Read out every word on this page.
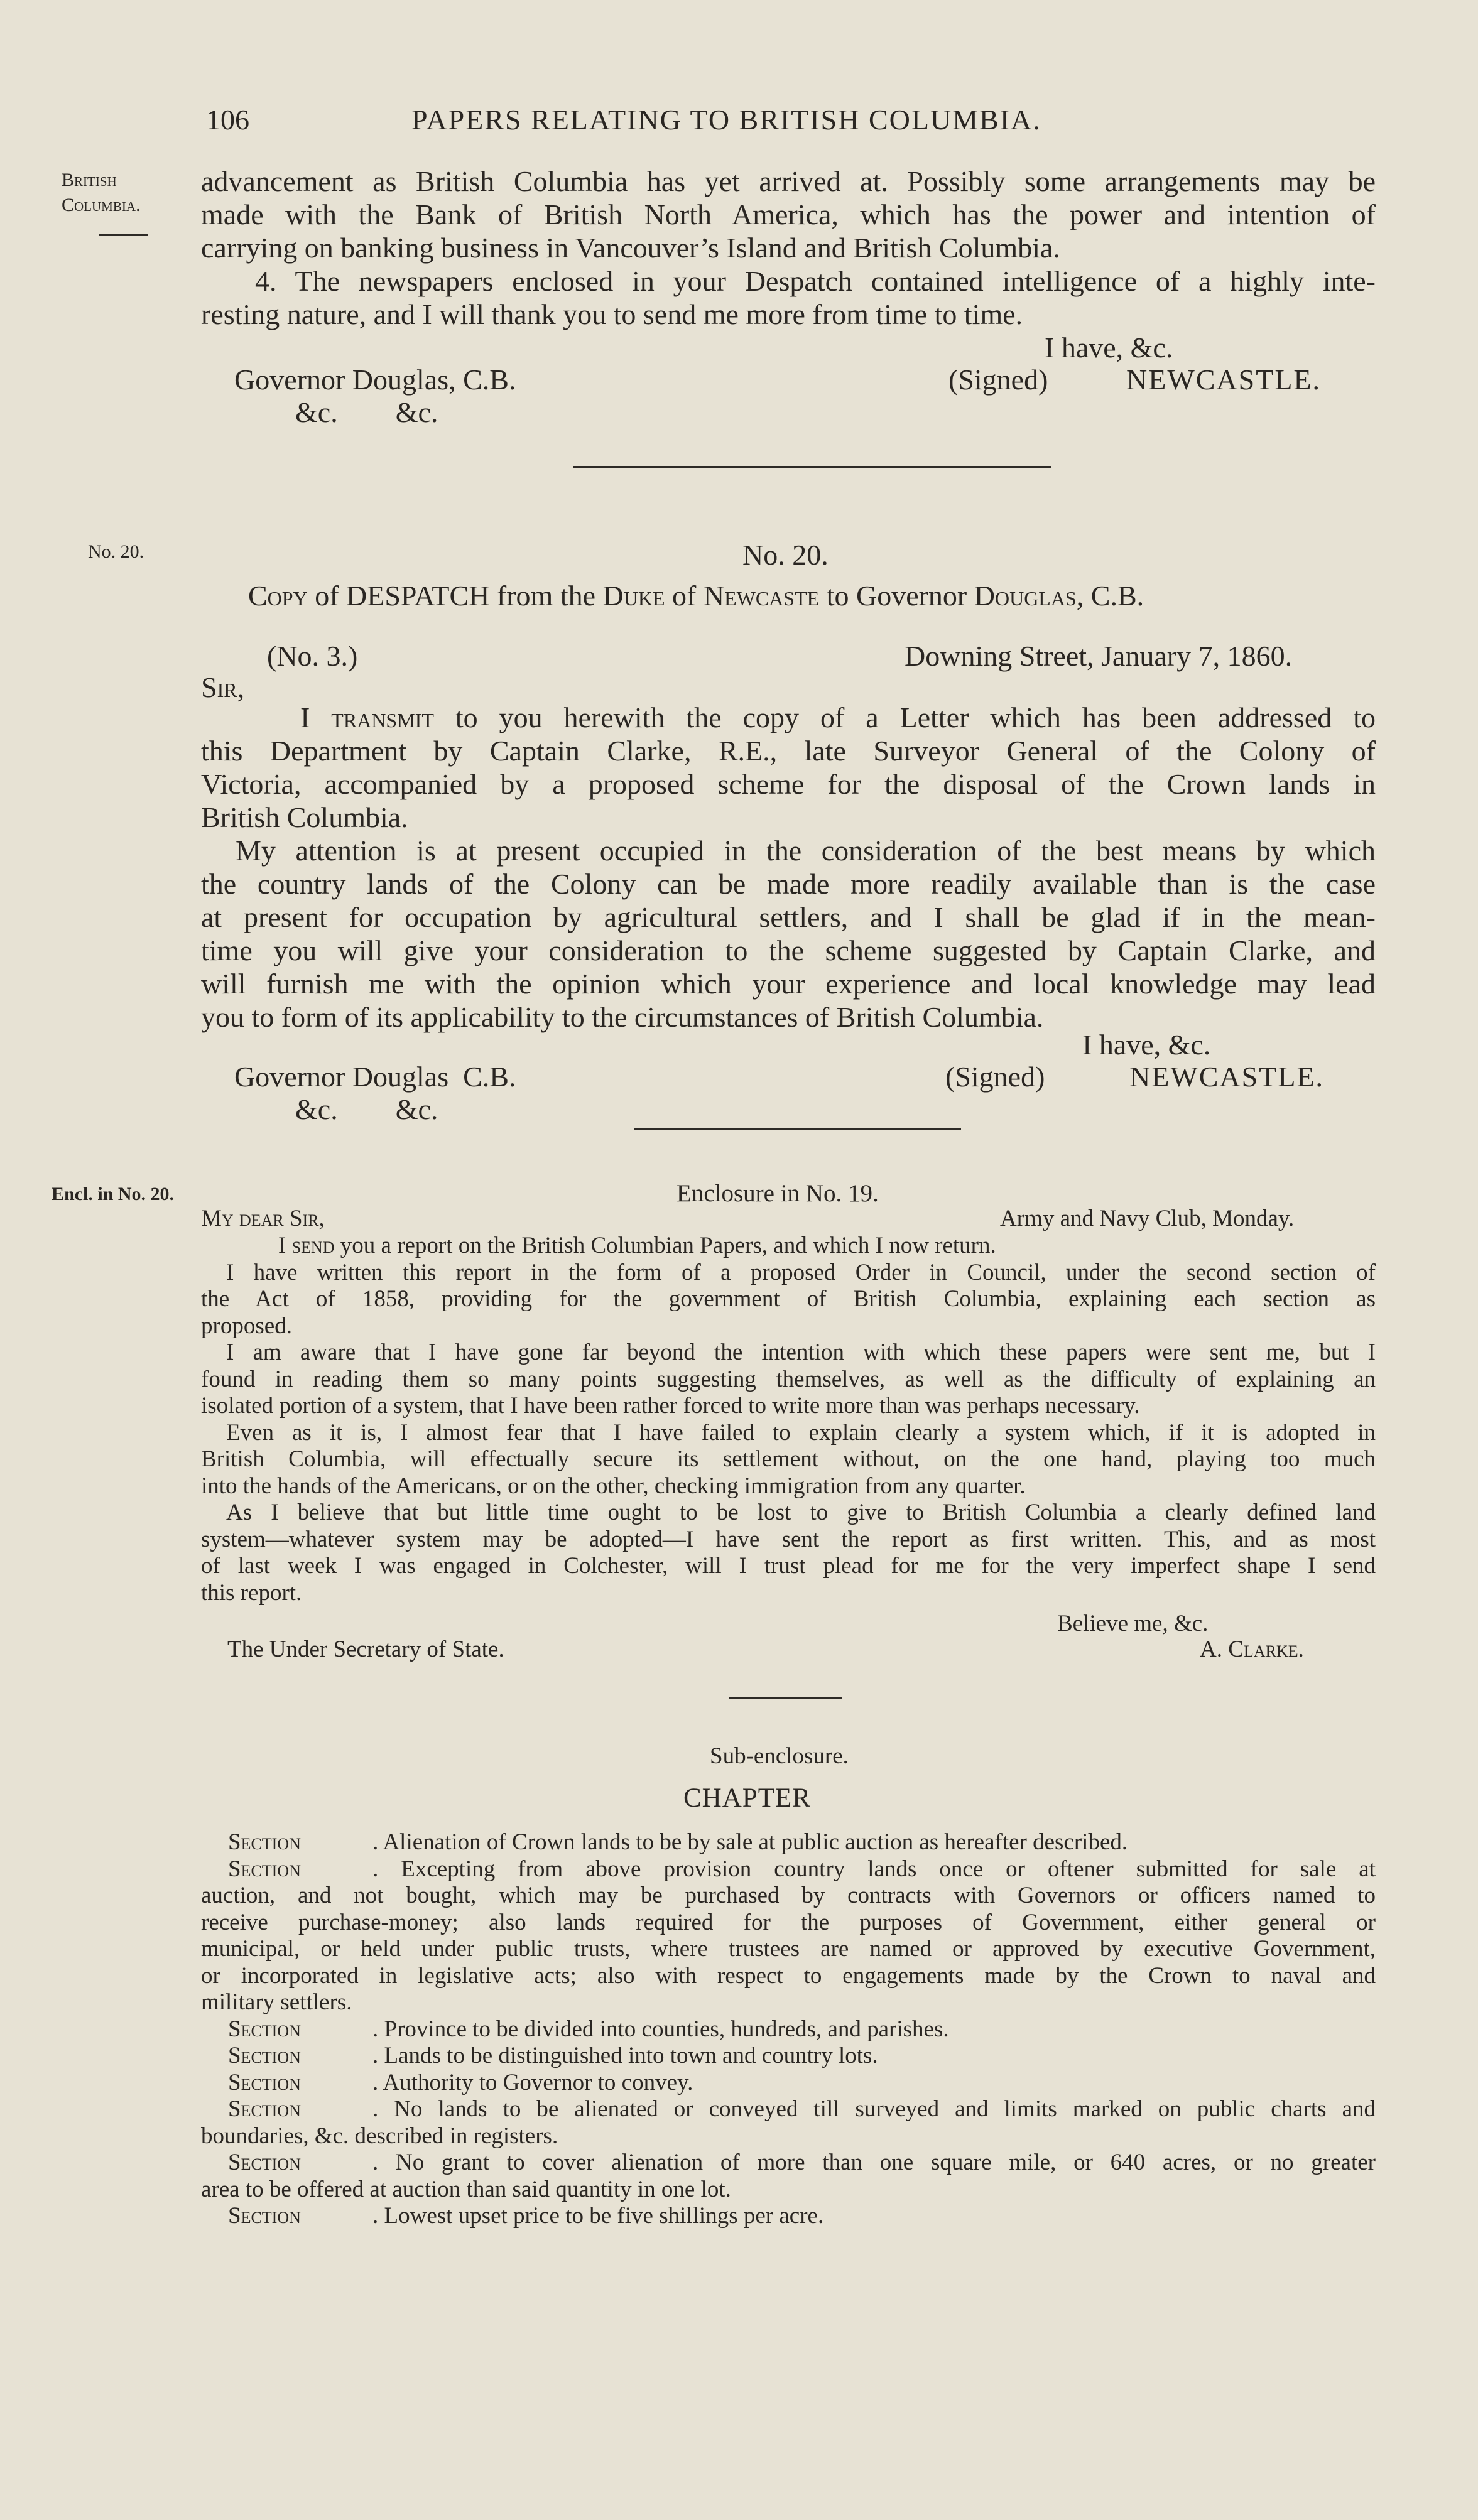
106	PAPERS RELATING TO BRITISH COLUMBIA.
British
Columbia.
No. 20.
Encl. in No. 20.
advancement as British Columbia has yet arrived at. Possibly some arrangements may be
made with the Bank of British North America, which has the power and intention of
carrying on banking business in Vancouver’s Island and British Columbia.
4. The newspapers enclosed in your Despatch contained intelligence of a highly inte-
resting nature, and I will thank you to send me more from time to time.
I have, &c.
Governor Douglas, C.B.	(Signed)	NEWCASTLE.
&c.        &c.
No. 20.
Copy of DESPATCH from the Duke of Newcaste to Governor Douglas, C.B.
(No. 3.)	Downing Street, January 7, 1860.
Sir,
I transmit to you herewith the copy of a Letter which has been addressed to
this Department by Captain Clarke, R.E., late Surveyor General of the Colony of
Victoria, accompanied by a proposed scheme for the disposal of the Crown lands in
British Columbia.
My attention is at present occupied in the consideration of the best means by which
the country lands of the Colony can be made more readily available than is the case
at present for occupation by agricultural settlers, and I shall be glad if in the mean-
time you will give your consideration to the scheme suggested by Captain Clarke, and
will furnish me with the opinion which your experience and local knowledge may lead
you to form of its applicability to the circumstances of British Columbia.
I have, &c.
Governor Douglas  C.B.	(Signed)	NEWCASTLE.
&c.        &c.
Enclosure in No. 19.
My dear Sir,	Army and Navy Club, Monday.
I send you a report on the British Columbian Papers, and which I now return.
I have written this report in the form of a proposed Order in Council, under the second section of
the Act of 1858, providing for the government of British Columbia, explaining each section as
proposed.
I am aware that I have gone far beyond the intention with which these papers were sent me, but I
found in reading them so many points suggesting themselves, as well as the difficulty of explaining an
isolated portion of a system, that I have been rather forced to write more than was perhaps necessary.
Even as it is, I almost fear that I have failed to explain clearly a system which, if it is adopted in
British Columbia, will effectually secure its settlement without, on the one hand, playing too much
into the hands of the Americans, or on the other, checking immigration from any quarter.
As I believe that but little time ought to be lost to give to British Columbia a clearly defined land
system—whatever system may be adopted—I have sent the report as first written. This, and as most
of last week I was engaged in Colchester, will I trust plead for me for the very imperfect shape I send
this report.
Believe me, &c.
The Under Secretary of State.	A. Clarke.
Sub-enclosure.
CHAPTER
Section	. Alienation of Crown lands to be by sale at public auction as hereafter described.
Section	. Excepting from above provision country lands once or oftener submitted for sale at
auction, and not bought, which may be purchased by contracts with Governors or officers named to
receive purchase-money; also lands required for the purposes of Government, either general or
municipal, or held under public trusts, where trustees are named or approved by executive Government,
or incorporated in legislative acts; also with respect to engagements made by the Crown to naval and
military settlers.
Section	. Province to be divided into counties, hundreds, and parishes.
Section	. Lands to be distinguished into town and country lots.
Section	. Authority to Governor to convey.
Section	. No lands to be alienated or conveyed till surveyed and limits marked on public charts and
boundaries, &c. described in registers.
Section	. No grant to cover alienation of more than one square mile, or 640 acres, or no greater
area to be offered at auction than said quantity in one lot.
Section	. Lowest upset price to be five shillings per acre.
